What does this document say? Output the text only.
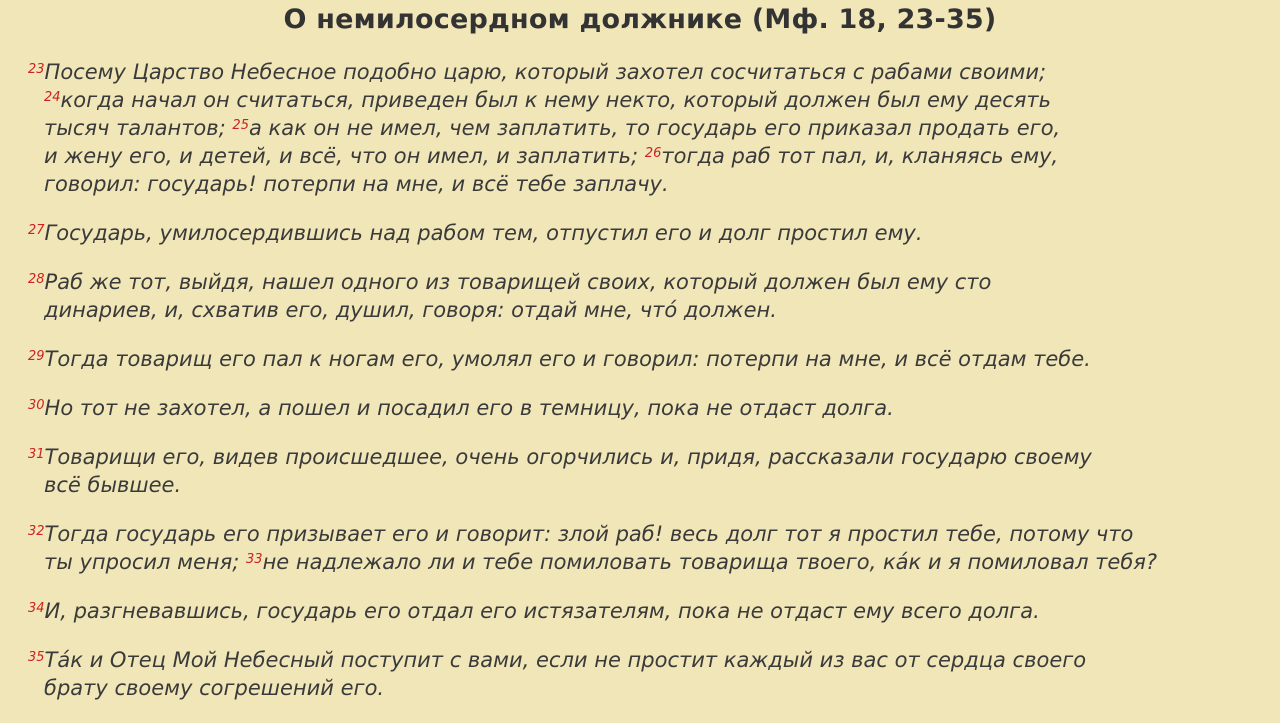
О немилосердном должнике (Мф. 18, 23-35)

$^{23}$Посему Царство Небесное подобно царю, который захотел сосчитаться с рабами своими;
$^{24}$когда начал он считаться, приведен был к нему некто, который должен был ему десять
тысяч талантов; $^{25}$а как он не имел, чем заплатить, то государь его приказал продать его,
и жену его, и детей, и всё, что он имел, и заплатить; $^{26}$тогда раб тот пал, и, кланяясь ему,
говорил: государь! потерпи на мне, и всё тебе заплачу.

$^{27}$Государь, умилосердившись над рабом тем, отпустил его и долг простил ему.

$^{28}$Раб же тот, выйдя, нашел одного из товарищей своих, который должен был ему сто
динариев, и, схватив его, душил, говоря: отдай мне, чтó должен.

$^{29}$Тогда товарищ его пал к ногам его, умолял его и говорил: потерпи на мне, и всё отдам тебе.

$^{30}$Но тот не захотел, а пошел и посадил его в темницу, пока не отдаст долга.

$^{31}$Товарищи его, видев происшедшее, очень огорчились и, придя, рассказали государю своему
всё бывшее.

$^{32}$Тогда государь его призывает его и говорит: злой раб! весь долг тот я простил тебе, потому что
ты упросил меня; $^{33}$не надлежало ли и тебе помиловать товарища твоего, кáк и я помиловал тебя?

$^{34}$И, разгневавшись, государь его отдал его истязателям, пока не отдаст ему всего долга.

$^{35}$Тáк и Отец Мой Небесный поступит с вами, если не простит каждый из вас от сердца своего
брату своему согрешений его.
